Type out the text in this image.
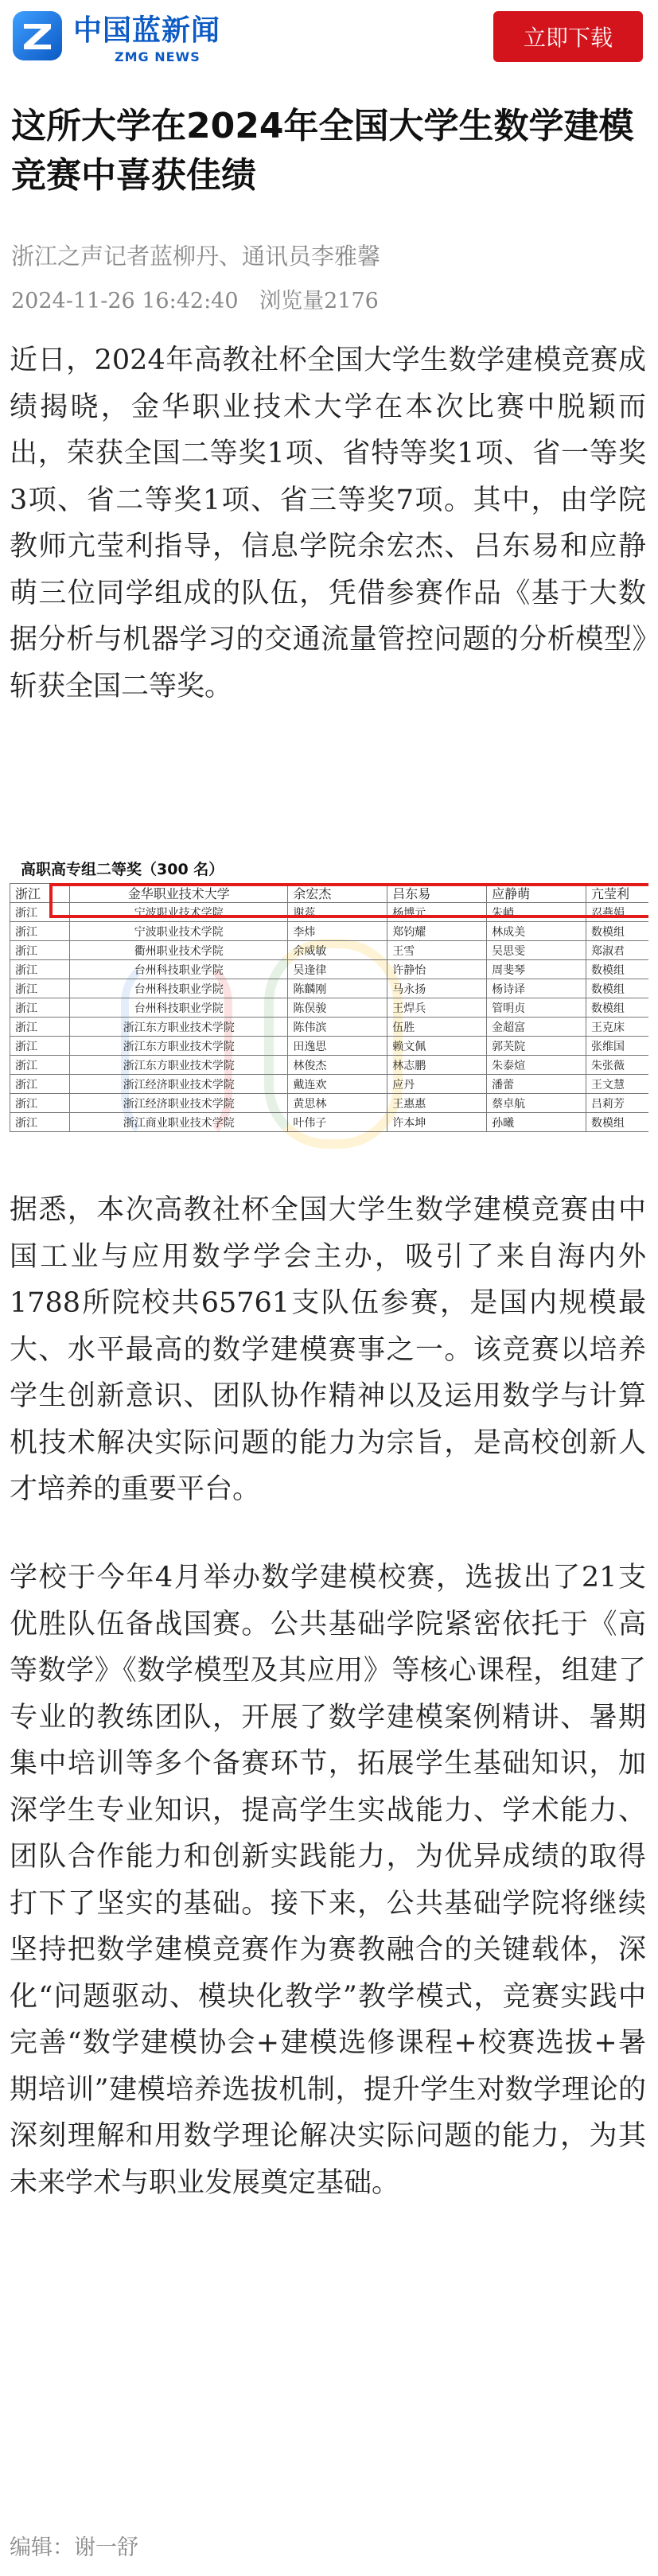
中国蓝新闻
ZMG NEWS
立即下载
这所大学在2024年全国大学生数学建模竞赛中喜获佳绩
浙江之声记者蓝柳丹、通讯员李雅馨
2024-11-26 16:42:40 浏览量2176

近日，2024年高教社杯全国大学生数学建模竞赛成绩揭晓，金华职业技术大学在本次比赛中脱颖而出，荣获全国二等奖1项、省特等奖1项、省一等奖3项、省二等奖1项、省三等奖7项。其中，由学院教师亢莹利指导，信息学院余宏杰、吕东易和应静萌三位同学组成的队伍，凭借参赛作品《基于大数据分析与机器学习的交通流量管控问题的分析模型》斩获全国二等奖。

高职高专组二等奖（300 名）
浙江	金华职业技术大学	余宏杰	吕东易	应静萌	亢莹利
浙江	宁波职业技术学院	谢蕊	杨博元	朱峭	忍燕娟
浙江	宁波职业技术学院	李炜	郑钧耀	林成美	数模组
浙江	衢州职业技术学院	余威敏	王雪	吴思雯	郑淑君
浙江	台州科技职业学院	吴逢律	许静怡	周斐琴	数模组
浙江	台州科技职业学院	陈麟刚	马永扬	杨诗译	数模组
浙江	台州科技职业学院	陈俣骏	王焊兵	管明贞	数模组
浙江	浙江东方职业技术学院	陈伟滨	伍胜	金超富	王克床
浙江	浙江东方职业技术学院	田逸思	赖文佩	郭芙院	张维国
浙江	浙江东方职业技术学院	林俊杰	林志鹏	朱泰煊	朱张薇
浙江	浙江经济职业技术学院	戴连欢	应丹	潘蕾	王文慧
浙江	浙江经济职业技术学院	黄思林	王惠惠	蔡卓航	吕莉芳
浙江	浙江商业职业技术学院	叶伟子	许本坤	孙曦	数模组

据悉，本次高教社杯全国大学生数学建模竞赛由中国工业与应用数学学会主办，吸引了来自海内外1788所院校共65761支队伍参赛，是国内规模最大、水平最高的数学建模赛事之一。该竞赛以培养学生创新意识、团队协作精神以及运用数学与计算机技术解决实际问题的能力为宗旨，是高校创新人才培养的重要平台。

学校于今年4月举办数学建模校赛，选拔出了21支优胜队伍备战国赛。公共基础学院紧密依托于《高等数学》《数学模型及其应用》等核心课程，组建了专业的教练团队，开展了数学建模案例精讲、暑期集中培训等多个备赛环节，拓展学生基础知识，加深学生专业知识，提高学生实战能力、学术能力、团队合作能力和创新实践能力，为优异成绩的取得打下了坚实的基础。接下来，公共基础学院将继续坚持把数学建模竞赛作为赛教融合的关键载体，深化“问题驱动、模块化教学”教学模式，竞赛实践中完善“数学建模协会+建模选修课程+校赛选拔+暑期培训”建模培养选拔机制，提升学生对数学理论的深刻理解和用数学理论解决实际问题的能力，为其未来学术与职业发展奠定基础。

编辑：谢一舒
